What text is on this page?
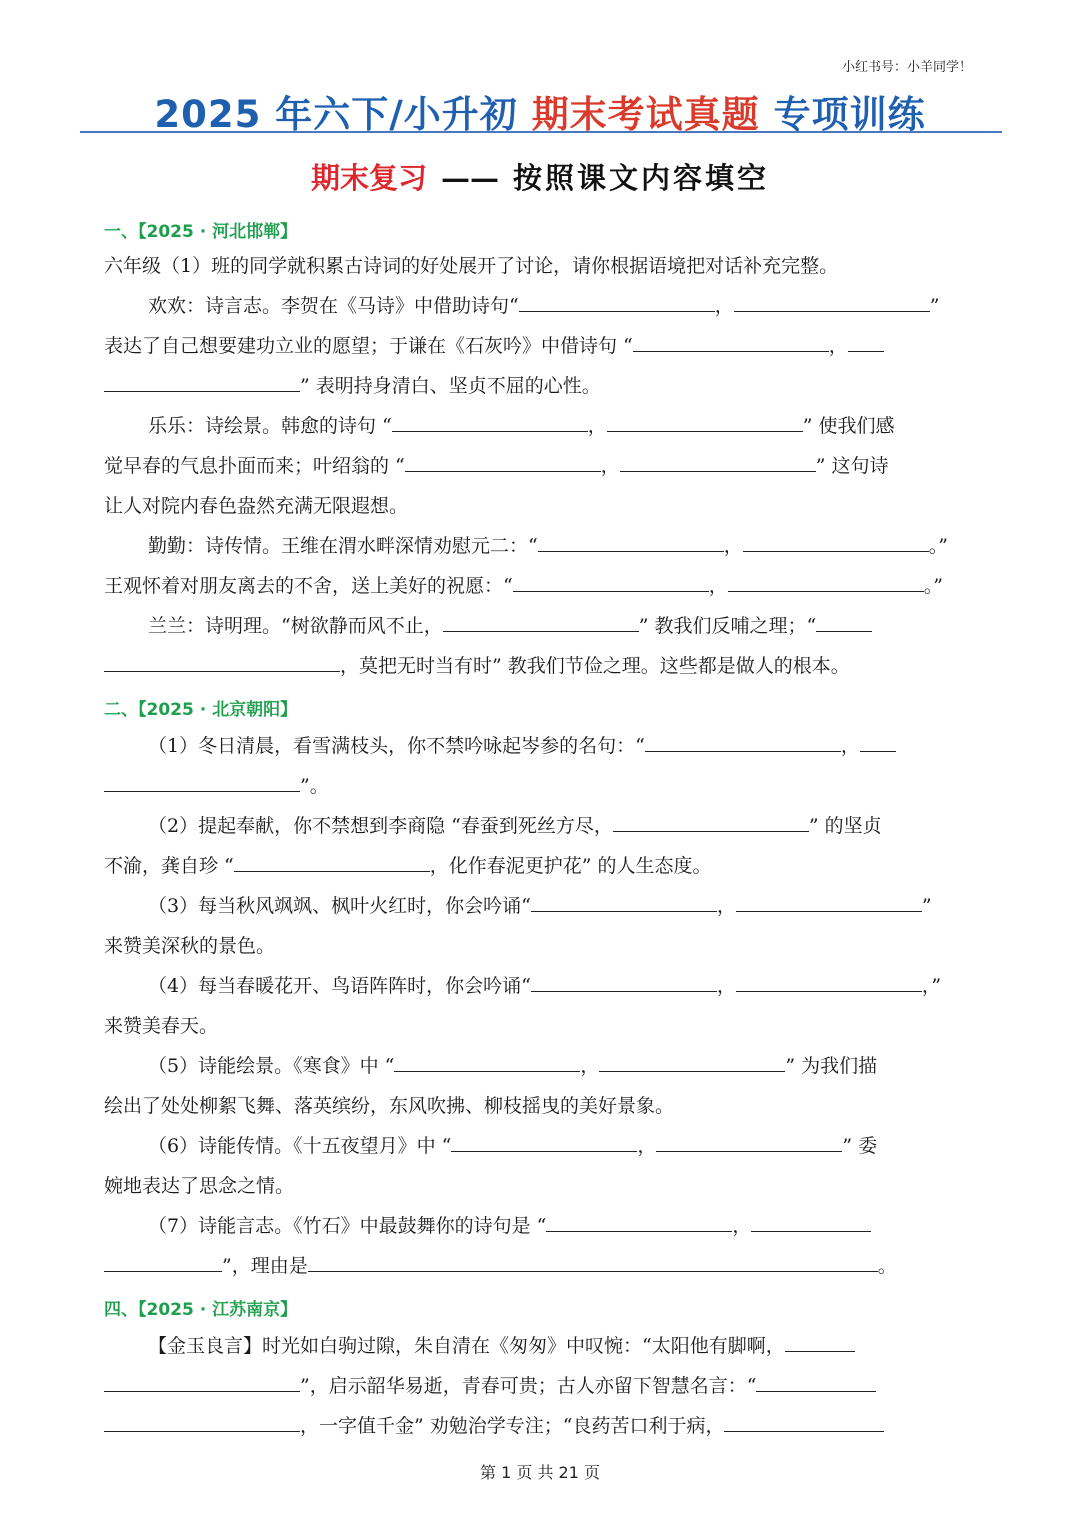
小红书号：小羊同学！
2025 年六下/小升初 期末考试真题 专项训练
期末复习 —— 按照课文内容填空
一、【2025 · 河北邯郸】
六年级（1）班的同学就积累古诗词的好处展开了讨论，请你根据语境把对话补充完整。
欢欢：诗言志。李贺在《马诗》中借助诗句“	，	”
表达了自己想要建功立业的愿望；于谦在《石灰吟》中借诗句 “	，
” 表明持身清白、坚贞不屈的心性。
乐乐：诗绘景。韩愈的诗句 “	，	” 使我们感
觉早春的气息扑面而来；叶绍翁的 “	，	” 这句诗
让人对院内春色盎然充满无限遐想。
勤勤：诗传情。王维在渭水畔深情劝慰元二：“	，	。”
王观怀着对朋友离去的不舍，送上美好的祝愿：“	，	。”
兰兰：诗明理。“树欲静而风不止，	” 教我们反哺之理；“
，莫把无时当有时” 教我们节俭之理。这些都是做人的根本。
二、【2025 · 北京朝阳】
（1）冬日清晨，看雪满枝头，你不禁吟咏起岑参的名句：“	，
”。
（2）提起奉献，你不禁想到李商隐 “春蚕到死丝方尽，	” 的坚贞
不渝，龚自珍 “	，化作春泥更护花” 的人生态度。
（3）每当秋风飒飒、枫叶火红时，你会吟诵“	，	”
来赞美深秋的景色。
（4）每当春暖花开、鸟语阵阵时，你会吟诵“	，	，”
来赞美春天。
（5）诗能绘景。《寒食》中 “	，	” 为我们描
绘出了处处柳絮飞舞、落英缤纷，东风吹拂、柳枝摇曳的美好景象。
（6）诗能传情。《十五夜望月》中 “	，	” 委
婉地表达了思念之情。
（7）诗能言志。《竹石》中最鼓舞你的诗句是 “	，
”，理由是	。
四、【2025 · 江苏南京】
【金玉良言】时光如白驹过隙，朱自清在《匆匆》中叹惋：“太阳他有脚啊，
”，启示韶华易逝，青春可贵；古人亦留下智慧名言：“
，一字值千金” 劝勉治学专注；“良药苦口利于病，
第 1 页 共 21 页
